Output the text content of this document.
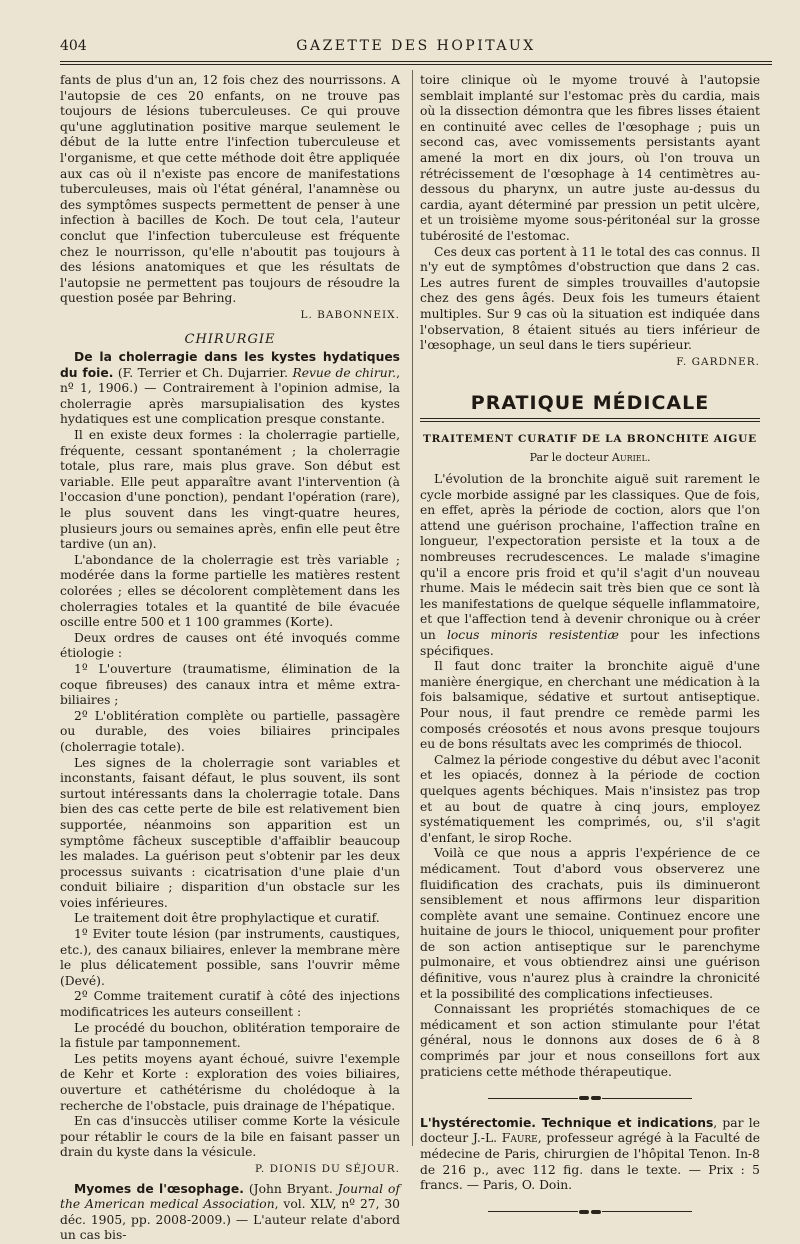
404	GAZETTE DES HOPITAUX

fants de plus d'un an, 12 fois chez des nourrissons. A l'autopsie de ces 20 enfants, on ne trouve pas toujours de lésions tuberculeuses. Ce qui prouve qu'une agglutination positive marque seulement le début de la lutte entre l'infection tuberculeuse et l'organisme, et que cette méthode doit être appliquée aux cas où il n'existe pas encore de manifestations tuberculeuses, mais où l'état général, l'anamnèse ou des symptômes suspects permettent de penser à une infection à bacilles de Koch. De tout cela, l'auteur conclut que l'infection tuberculeuse est fréquente chez le nourrisson, qu'elle n'aboutit pas toujours à des lésions anatomiques et que les résultats de l'autopsie ne permettent pas toujours de résoudre la question posée par Behring.

L. BABONNEIX.
CHIRURGIE

De la cholerragie dans les kystes hydatiques du foie. (F. Terrier et Ch. Dujarrier. Revue de chirur., nº 1, 1906.) — Contrairement à l'opinion admise, la cholerragie après marsupialisation des kystes hydatiques est une complication presque constante.

Il en existe deux formes : la cholerragie partielle, fréquente, cessant spontanément ; la cholerragie totale, plus rare, mais plus grave. Son début est variable. Elle peut apparaître avant l'intervention (à l'occasion d'une ponction), pendant l'opération (rare), le plus souvent dans les vingt-quatre heures, plusieurs jours ou semaines après, enfin elle peut être tardive (un an).

L'abondance de la cholerragie est très variable ; modérée dans la forme partielle les matières restent colorées ; elles se décolorent complètement dans les cholerragies totales et la quantité de bile évacuée oscille entre 500 et 1 100 grammes (Korte).

Deux ordres de causes ont été invoqués comme étiologie :

1º L'ouverture (traumatisme, élimination de la coque fibreuses) des canaux intra et même extra-biliaires ;

2º L'oblitération complète ou partielle, passagère ou durable, des voies biliaires principales (cholerragie totale).

Les signes de la cholerragie sont variables et inconstants, faisant défaut, le plus souvent, ils sont surtout intéressants dans la cholerragie totale. Dans bien des cas cette perte de bile est relativement bien supportée, néanmoins son apparition est un symptôme fâcheux susceptible d'affaiblir beaucoup les malades. La guérison peut s'obtenir par les deux processus suivants : cicatrisation d'une plaie d'un conduit biliaire ; disparition d'un obstacle sur les voies inférieures.

Le traitement doit être prophylactique et curatif.

1º Eviter toute lésion (par instruments, caustiques, etc.), des canaux biliaires, enlever la membrane mère le plus délicatement possible, sans l'ouvrir même (Devé).

2º Comme traitement curatif à côté des injections modificatrices les auteurs conseillent :

Le procédé du bouchon, oblitération temporaire de la fistule par tamponnement.

Les petits moyens ayant échoué, suivre l'exemple de Kehr et Korte : exploration des voies biliaires, ouverture et cathétérisme du cholédoque à la recherche de l'obstacle, puis drainage de l'hépatique.

En cas d'insuccès utiliser comme Korte la vésicule pour rétablir le cours de la bile en faisant passer un drain du kyste dans la vésicule.

P. DIONIS DU SÉJOUR.

Myomes de l'œsophage. (John Bryant. Journal of the American medical Association, vol. XLV, nº 27, 30 déc. 1905, pp. 2008-2009.) — L'auteur relate d'abord un cas bis-

toire clinique où le myome trouvé à l'autopsie semblait implanté sur l'estomac près du cardia, mais où la dissection démontra que les fibres lisses étaient en continuité avec celles de l'œsophage ; puis un second cas, avec vomissements persistants ayant amené la mort en dix jours, où l'on trouva un rétrécissement de l'œsophage à 14 centimètres au-dessous du pharynx, un autre juste au-dessus du cardia, ayant déterminé par pression un petit ulcère, et un troisième myome sous-péritonéal sur la grosse tubérosité de l'estomac.

Ces deux cas portent à 11 le total des cas connus. Il n'y eut de symptômes d'obstruction que dans 2 cas. Les autres furent de simples trouvailles d'autopsie chez des gens âgés. Deux fois les tumeurs étaient multiples. Sur 9 cas où la situation est indiquée dans l'observation, 8 étaient situés au tiers inférieur de l'œsophage, un seul dans le tiers supérieur.

F. GARDNER.
PRATIQUE MÉDICALE
TRAITEMENT CURATIF DE LA BRONCHITE AIGUE
Par le docteur Auriel.

L'évolution de la bronchite aiguë suit rarement le cycle morbide assigné par les classiques. Que de fois, en effet, après la période de coction, alors que l'on attend une guérison prochaine, l'affection traîne en longueur, l'expectoration persiste et la toux a de nombreuses recrudescences. Le malade s'imagine qu'il a encore pris froid et qu'il s'agit d'un nouveau rhume. Mais le médecin sait très bien que ce sont là les manifestations de quelque séquelle inflammatoire, et que l'affection tend à devenir chronique ou à créer un locus minoris resistentiæ pour les infections spécifiques.

Il faut donc traiter la bronchite aiguë d'une manière énergique, en cherchant une médication à la fois balsamique, sédative et surtout antiseptique. Pour nous, il faut prendre ce remède parmi les composés créosotés et nous avons presque toujours eu de bons résultats avec les comprimés de thiocol.

Calmez la période congestive du début avec l'aconit et les opiacés, donnez à la période de coction quelques agents béchiques. Mais n'insistez pas trop et au bout de quatre à cinq jours, employez systématiquement les comprimés, ou, s'il s'agit d'enfant, le sirop Roche.

Voilà ce que nous a appris l'expérience de ce médicament. Tout d'abord vous observerez une fluidification des crachats, puis ils diminueront sensiblement et nous affirmons leur disparition complète avant une semaine. Continuez encore une huitaine de jours le thiocol, uniquement pour profiter de son action antiseptique sur le parenchyme pulmonaire, et vous obtiendrez ainsi une guérison définitive, vous n'aurez plus à craindre la chronicité et la possibilité des complications infectieuses.

Connaissant les propriétés stomachiques de ce médicament et son action stimulante pour l'état général, nous le donnons aux doses de 6 à 8 comprimés par jour et nous conseillons fort aux praticiens cette méthode thérapeutique.

L'hystérectomie. Technique et indications, par le docteur J.-L. Faure, professeur agrégé à la Faculté de médecine de Paris, chirurgien de l'hôpital Tenon. In-8 de 216 p., avec 112 fig. dans le texte. — Prix : 5 francs. — Paris, O. Doin.
